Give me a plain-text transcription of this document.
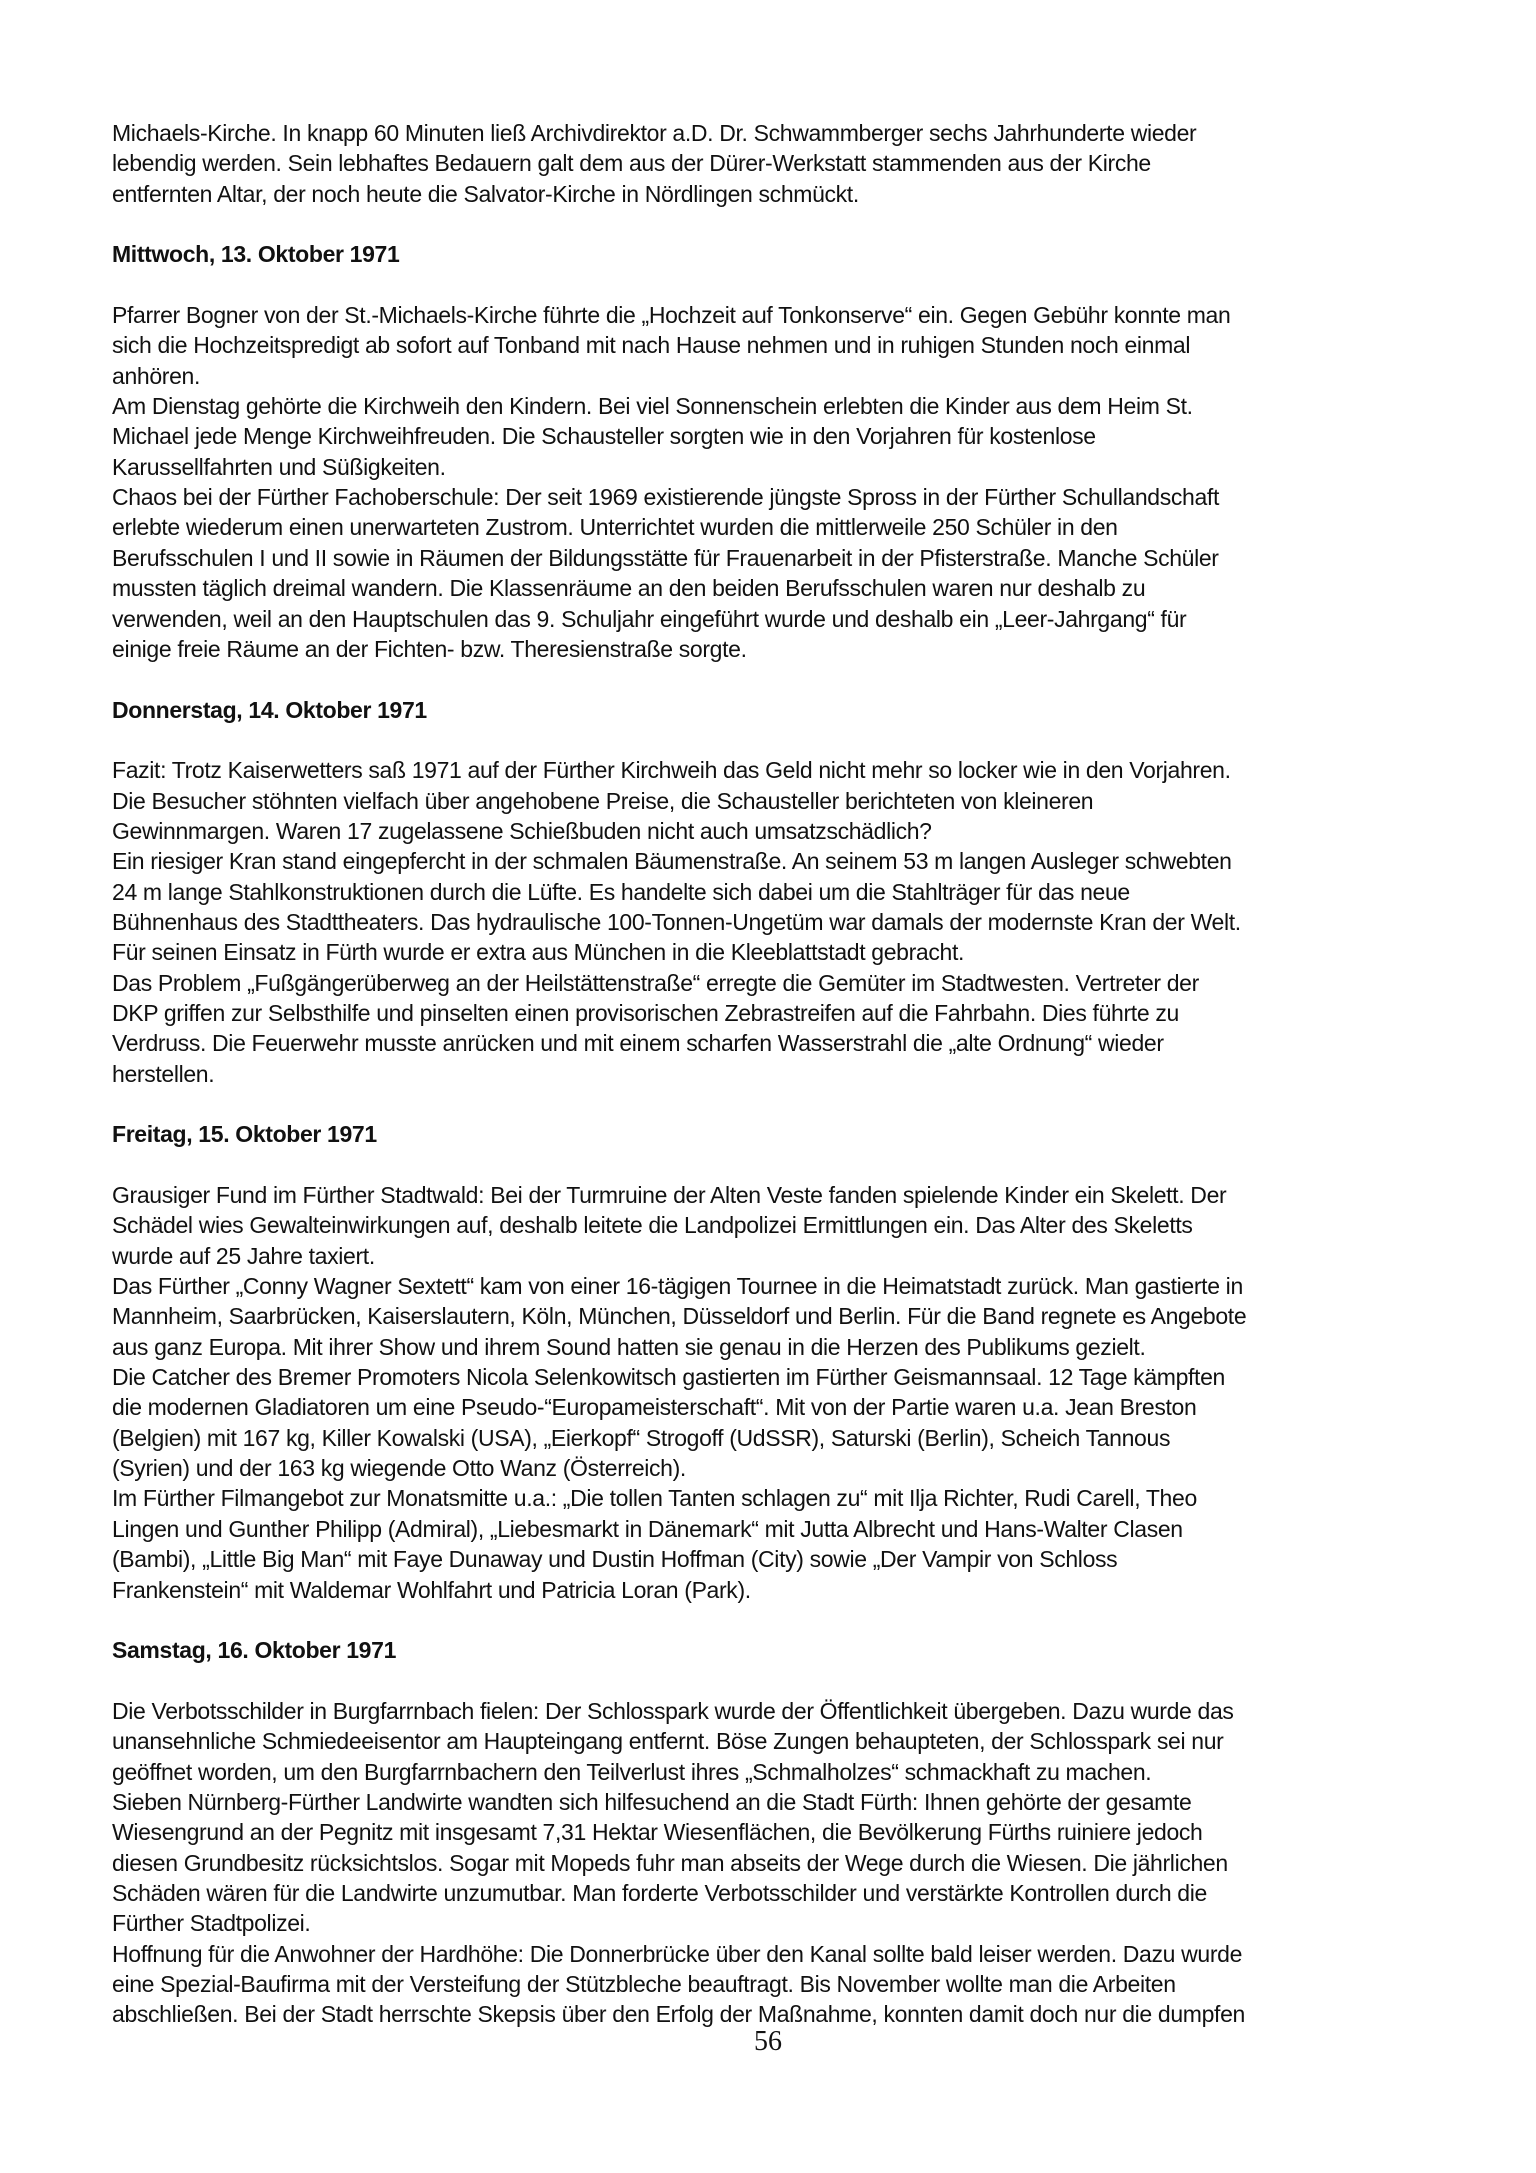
Michaels-Kirche. In knapp 60 Minuten ließ Archivdirektor a.D. Dr. Schwammberger sechs Jahrhunderte wieder
lebendig werden. Sein lebhaftes Bedauern galt dem aus der Dürer-Werkstatt stammenden aus der Kirche
entfernten Altar, der noch heute die Salvator-Kirche in Nördlingen schmückt.
Mittwoch, 13. Oktober 1971
Pfarrer Bogner von der St.-Michaels-Kirche führte die „Hochzeit auf Tonkonserve“ ein. Gegen Gebühr konnte man
sich die Hochzeitspredigt ab sofort auf Tonband mit nach Hause nehmen und in ruhigen Stunden noch einmal
anhören.
Am Dienstag gehörte die Kirchweih den Kindern. Bei viel Sonnenschein erlebten die Kinder aus dem Heim St.
Michael jede Menge Kirchweihfreuden. Die Schausteller sorgten wie in den Vorjahren für kostenlose
Karussellfahrten und Süßigkeiten.
Chaos bei der Fürther Fachoberschule: Der seit 1969 existierende jüngste Spross in der Fürther Schullandschaft
erlebte wiederum einen unerwarteten Zustrom. Unterrichtet wurden die mittlerweile 250 Schüler in den
Berufsschulen I und II sowie in Räumen der Bildungsstätte für Frauenarbeit in der Pfisterstraße. Manche Schüler
mussten täglich dreimal wandern. Die Klassenräume an den beiden Berufsschulen waren nur deshalb zu
verwenden, weil an den Hauptschulen das 9. Schuljahr eingeführt wurde und deshalb ein „Leer-Jahrgang“ für
einige freie Räume an der Fichten- bzw. Theresienstraße sorgte.
Donnerstag, 14. Oktober 1971
Fazit: Trotz Kaiserwetters saß 1971 auf der Fürther Kirchweih das Geld nicht mehr so locker wie in den Vorjahren.
Die Besucher stöhnten vielfach über angehobene Preise, die Schausteller berichteten von kleineren
Gewinnmargen. Waren 17 zugelassene Schießbuden nicht auch umsatzschädlich?
Ein riesiger Kran stand eingepfercht in der schmalen Bäumenstraße. An seinem 53 m langen Ausleger schwebten
24 m lange Stahlkonstruktionen durch die Lüfte. Es handelte sich dabei um die Stahlträger für das neue
Bühnenhaus des Stadttheaters. Das hydraulische 100-Tonnen-Ungetüm war damals der modernste Kran der Welt.
Für seinen Einsatz in Fürth wurde er extra aus München in die Kleeblattstadt gebracht.
Das Problem „Fußgängerüberweg an der Heilstättenstraße“ erregte die Gemüter im Stadtwesten. Vertreter der
DKP griffen zur Selbsthilfe und pinselten einen provisorischen Zebrastreifen auf die Fahrbahn. Dies führte zu
Verdruss. Die Feuerwehr musste anrücken und mit einem scharfen Wasserstrahl die „alte Ordnung“ wieder
herstellen.
Freitag, 15. Oktober 1971
Grausiger Fund im Fürther Stadtwald: Bei der Turmruine der Alten Veste fanden spielende Kinder ein Skelett. Der
Schädel wies Gewalteinwirkungen auf, deshalb leitete die Landpolizei Ermittlungen ein. Das Alter des Skeletts
wurde auf 25 Jahre taxiert.
Das Fürther „Conny Wagner Sextett“ kam von einer 16-tägigen Tournee in die Heimatstadt zurück. Man gastierte in
Mannheim, Saarbrücken, Kaiserslautern, Köln, München, Düsseldorf und Berlin. Für die Band regnete es Angebote
aus ganz Europa. Mit ihrer Show und ihrem Sound hatten sie genau in die Herzen des Publikums gezielt.
Die Catcher des Bremer Promoters Nicola Selenkowitsch gastierten im Fürther Geismannsaal. 12 Tage kämpften
die modernen Gladiatoren um eine Pseudo-“Europameisterschaft“. Mit von der Partie waren u.a. Jean Breston
(Belgien) mit 167 kg, Killer Kowalski (USA), „Eierkopf“ Strogoff (UdSSR), Saturski (Berlin), Scheich Tannous
(Syrien) und der 163 kg wiegende Otto Wanz (Österreich).
Im Fürther Filmangebot zur Monatsmitte u.a.: „Die tollen Tanten schlagen zu“ mit Ilja Richter, Rudi Carell, Theo
Lingen und Gunther Philipp (Admiral), „Liebesmarkt in Dänemark“ mit Jutta Albrecht und Hans-Walter Clasen
(Bambi), „Little Big Man“ mit Faye Dunaway und Dustin Hoffman (City) sowie „Der Vampir von Schloss
Frankenstein“ mit Waldemar Wohlfahrt und Patricia Loran (Park).
Samstag, 16. Oktober 1971
Die Verbotsschilder in Burgfarrnbach fielen: Der Schlosspark wurde der Öffentlichkeit übergeben. Dazu wurde das
unansehnliche Schmiedeeisentor am Haupteingang entfernt. Böse Zungen behaupteten, der Schlosspark sei nur
geöffnet worden, um den Burgfarrnbachern den Teilverlust ihres „Schmalholzes“ schmackhaft zu machen.
Sieben Nürnberg-Fürther Landwirte wandten sich hilfesuchend an die Stadt Fürth: Ihnen gehörte der gesamte
Wiesengrund an der Pegnitz mit insgesamt 7,31 Hektar Wiesenflächen, die Bevölkerung Fürths ruiniere jedoch
diesen Grundbesitz rücksichtslos. Sogar mit Mopeds fuhr man abseits der Wege durch die Wiesen. Die jährlichen
Schäden wären für die Landwirte unzumutbar. Man forderte Verbotsschilder und verstärkte Kontrollen durch die
Fürther Stadtpolizei.
Hoffnung für die Anwohner der Hardhöhe: Die Donnerbrücke über den Kanal sollte bald leiser werden. Dazu wurde
eine Spezial-Baufirma mit der Versteifung der Stützbleche beauftragt. Bis November wollte man die Arbeiten
abschließen. Bei der Stadt herrschte Skepsis über den Erfolg der Maßnahme, konnten damit doch nur die dumpfen
56
